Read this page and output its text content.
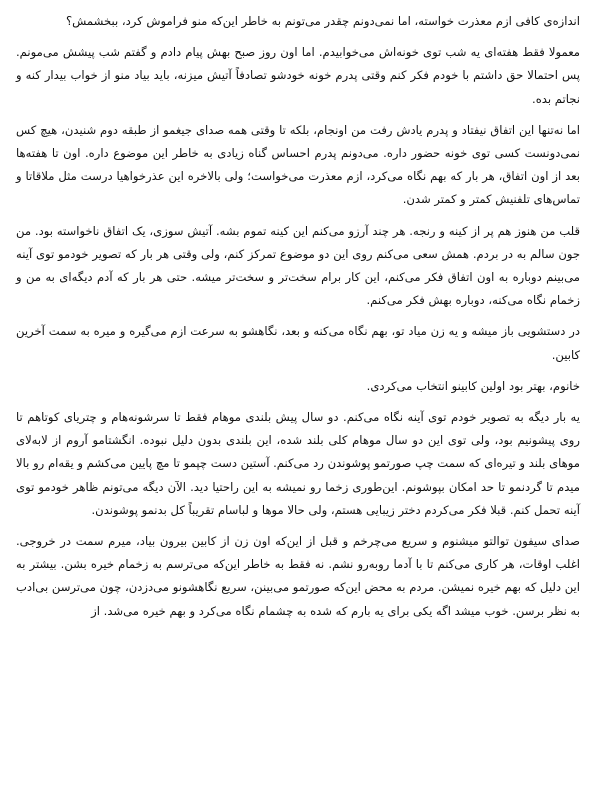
اندازه‌ی کافی ازم معذرت خواسته، اما نمی‌دونم چقدر می‌تونم به خاطر این‌که منو فراموش کرد، ببخشمش؟

معمولا فقط هفته‌ای یه شب توی خونه‌اش می‌خوابیدم. اما اون روز صبح بهش پیام دادم و گفتم شب پیشش می‌مونم. پس احتمالا حق داشتم با خودم فکر کنم وقتی پدرم خونه خودشو تصادفاً آتیش میزنه، باید بیاد منو از خواب بیدار کنه و نجاتم بده.

اما نه‌تنها این اتفاق نیفتاد و پدرم یادش رفت من اونجام، بلکه تا وقتی همه صدای جیغمو از طبقه دوم شنیدن، هیچ کس نمی‌دونست کسی توی خونه حضور داره. می‌دونم پدرم احساس گناه زیادی به خاطر این موضوع داره. اون تا هفته‌ها بعد از اون اتفاق، هر بار که بهم نگاه می‌کرد، ازم معذرت می‌خواست؛ ولی بالاخره این عذرخواهیا درست مثل ملاقاتا و تماس‌های تلفنیش کمتر و کمتر شدن.

قلب من هنوز هم پر از کینه و رنجه. هر چند آرزو می‌کنم این کینه تموم بشه. آتیش سوزی، یک اتفاق ناخواسته بود. من جون سالم به در بردم. همش سعی می‌کنم روی این دو موضوع تمرکز کنم، ولی وقتی هر بار که تصویر خودمو توی آینه می‌بینم دوباره به اون اتفاق فکر می‌کنم، این کار برام سخت‌تر و سخت‌تر میشه. حتی هر بار که آدم دیگه‌ای به من و زخمام نگاه می‌کنه، دوباره بهش فکر می‌کنم.

در دستشویی باز میشه و یه زن میاد تو، بهم نگاه می‌کنه و بعد، نگاهشو به سرعت ازم می‌گیره و میره به سمت آخرین کابین.

خانوم، بهتر بود اولین کابینو انتخاب می‌کردی.

یه بار دیگه به تصویر خودم توی آینه نگاه می‌کنم. دو سال پیش بلندی موهام فقط تا سرشونه‌هام و چتریای کوتاهم تا روی پیشونیم بود، ولی توی این دو سال موهام کلی بلند شده، این بلندی بدون دلیل نبوده. انگشتامو آروم از لابه‌لای موهای بلند و تیره‌ای که سمت چپ صورتمو پوشوندن رد می‌کنم. آستین دست چپمو تا مچ پایین می‌کشم و یقه‌ام رو بالا میدم تا گردنمو تا حد امکان بپوشونم. این‌طوری زخما رو نمیشه به این راحتیا دید. الآن دیگه می‌تونم ظاهر خودمو توی آینه تحمل کنم. قبلا فکر می‌کردم دختر زیبایی هستم، ولی حالا موها و لباسام تقریباً کل بدنمو پوشوندن.

صدای سیفون توالتو میشنوم و سریع می‌چرخم و قبل از این‌که اون زن از کابین بیرون بیاد، میرم سمت در خروجی. اغلب اوقات، هر کاری می‌کنم تا با آدما روبه‌رو نشم. نه فقط به خاطر این‌که می‌ترسم به زخمام خیره بشن. بیشتر به این دلیل که بهم خیره نمیشن. مردم به محض این‌که صورتمو می‌بینن، سریع نگاهشونو می‌دزدن، چون می‌ترسن بی‌ادب به نظر برسن. خوب میشد اگه یکی برای یه بارم که شده به چشمام نگاه می‌کرد و بهم خیره می‌شد. از
